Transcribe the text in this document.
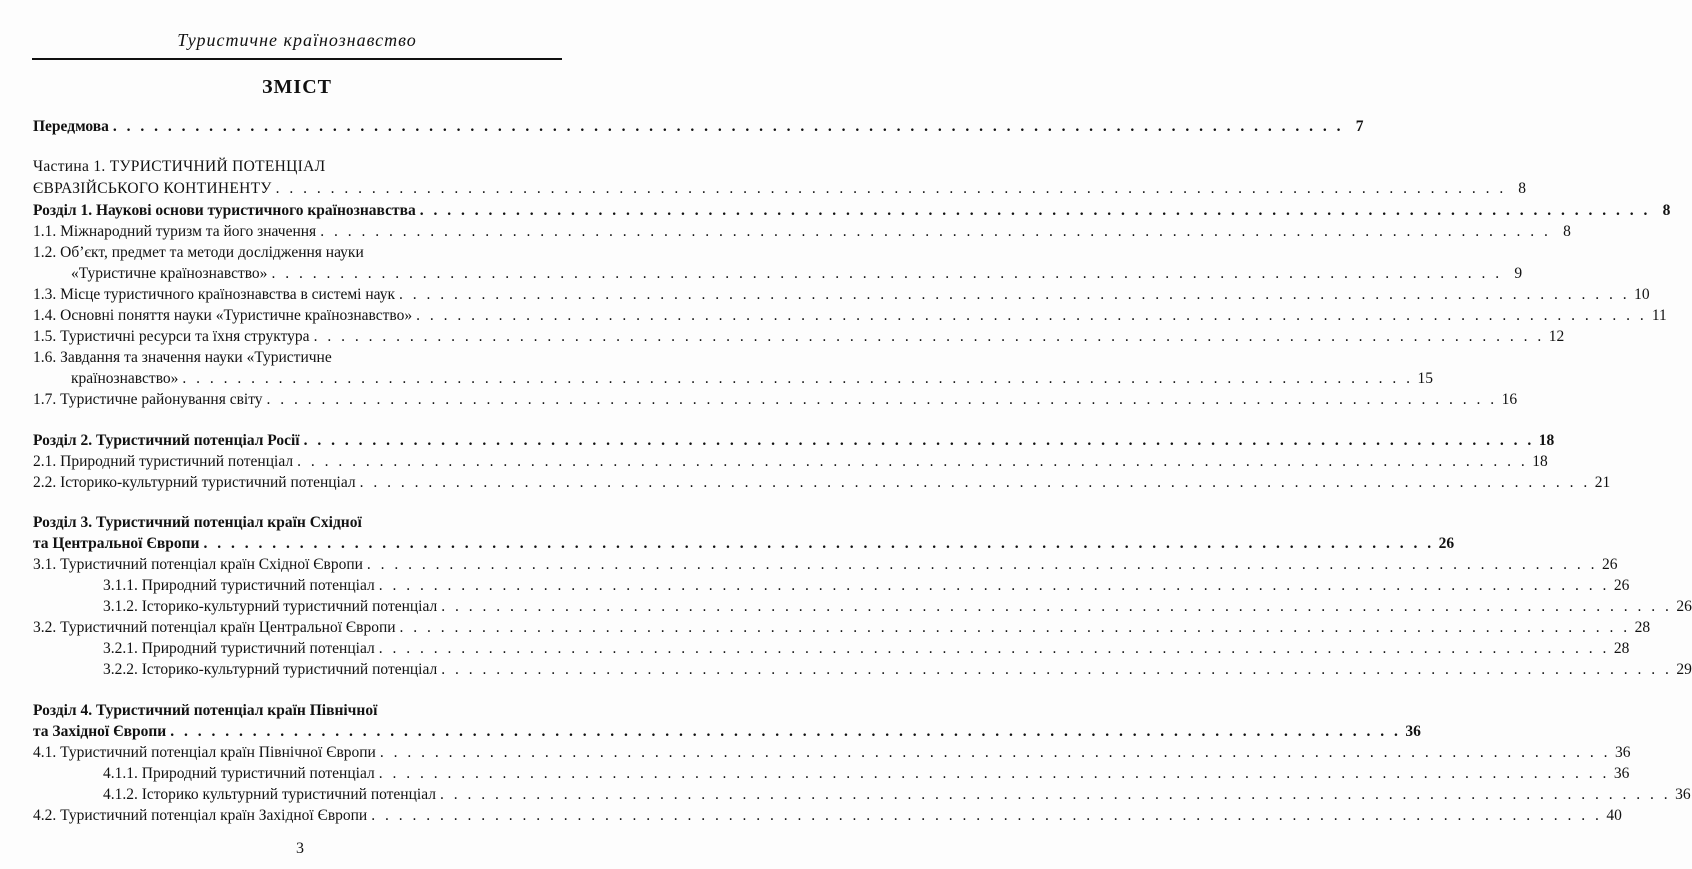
Туристичне країнознавство
ЗМІСТ
Передмова . . .	7
Частина 1. ТУРИСТИЧНИЙ ПОТЕНЦІАЛ
ЄВРАЗІЙСЬКОГО КОНТИНЕНТУ . . .	8
Розділ 1. Наукові основи туристичного країнознавства . . .	8
1.1. Міжнародний туризм та його значення . . .	8
1.2. Об’єкт, предмет та методи дослідження науки
«Туристичне країнознавство» . . .	9
1.3. Місце туристичного країнознавства в системі наук . . .	10
1.4. Основні поняття науки «Туристичне країнознавство» . . .	11
1.5. Туристичні ресурси та їхня структура . . .	12
1.6. Завдання та значення науки «Туристичне
країнознавство» . . .	15
1.7. Туристичне районування світу . . .	16
Розділ 2. Туристичний потенціал Росії . . .	18
2.1. Природний туристичний потенціал . . .	18
2.2. Історико-культурний туристичний потенціал . . .	21
Розділ 3. Туристичний потенціал країн Східної
та Центральної Європи . . .	26
3.1. Туристичний потенціал країн Східної Європи . . .	26
3.1.1. Природний туристичний потенціал . . .	26
3.1.2. Історико-культурний туристичний потенціал . . .	26
3.2. Туристичний потенціал країн Центральної Європи . . .	28
3.2.1. Природний туристичний потенціал . . .	28
3.2.2. Історико-культурний туристичний потенціал . . .	29
Розділ 4. Туристичний потенціал країн Північної
та Західної Європи . . .	36
4.1. Туристичний потенціал країн Північної Європи . . .	36
4.1.1. Природний туристичний потенціал . . .	36
4.1.2. Історико культурний туристичний потенціал . . .	36
4.2. Туристичний потенціал країн Західної Європи . . .	40
3
